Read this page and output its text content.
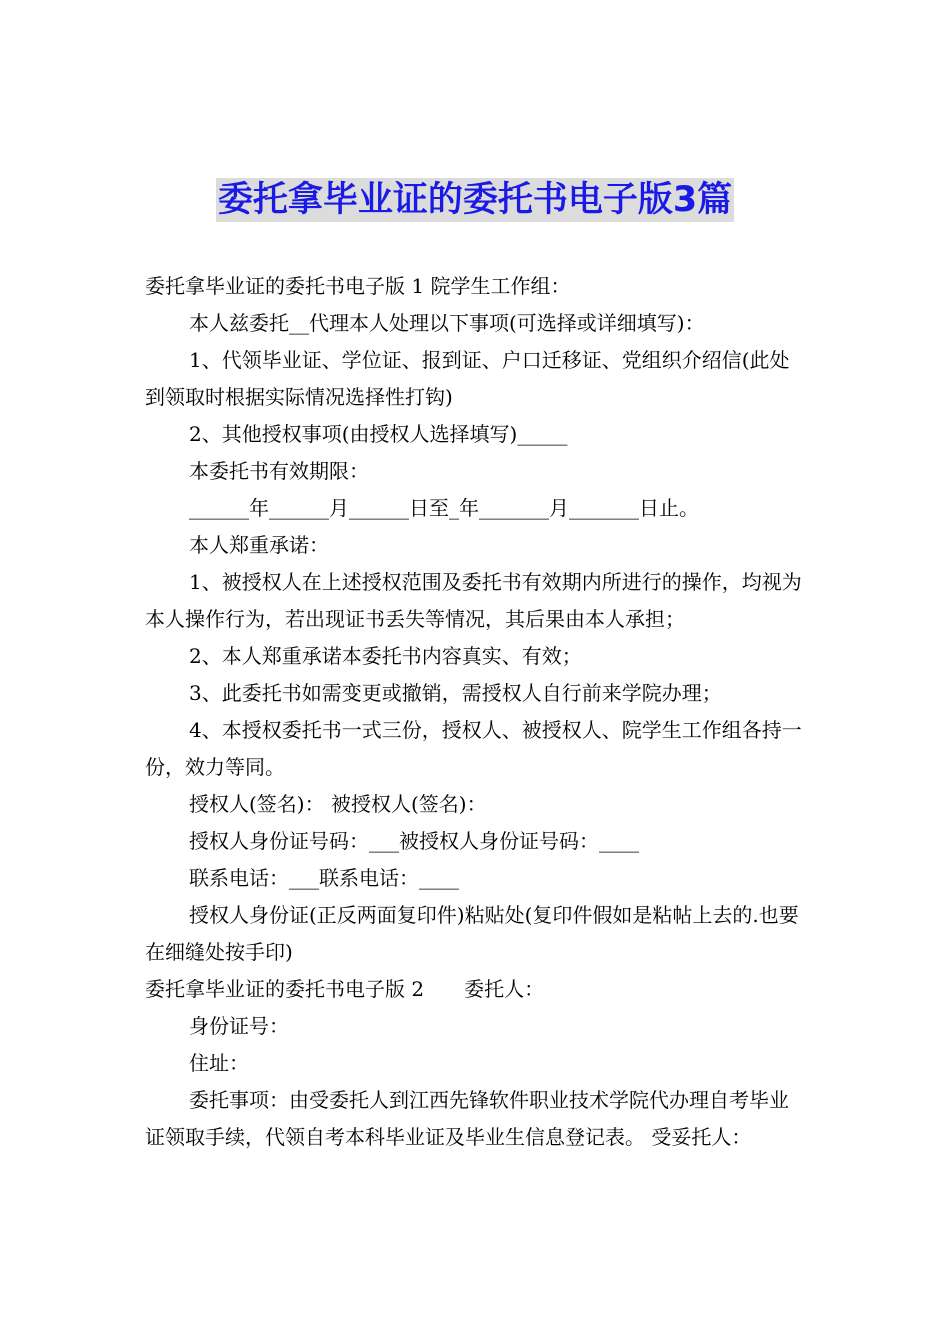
委托拿毕业证的委托书电子版3篇

委托拿毕业证的委托书电子版 1 院学生工作组：

本人兹委托__代理本人处理以下事项(可选择或详细填写)：

1、代领毕业证、学位证、报到证、户口迁移证、党组织介绍信(此处到领取时根据实际情况选择性打钩)

2、其他授权事项(由授权人选择填写)_____

本委托书有效期限：

______年______月______日至_年_______月_______日止。

本人郑重承诺：

1、被授权人在上述授权范围及委托书有效期内所进行的操作，均视为本人操作行为，若出现证书丢失等情况，其后果由本人承担；

2、本人郑重承诺本委托书内容真实、有效；

3、此委托书如需变更或撤销，需授权人自行前来学院办理；

4、本授权委托书一式三份，授权人、被授权人、院学生工作组各持一份，效力等同。

授权人(签名)： 被授权人(签名)：

授权人身份证号码：___被授权人身份证号码：____

联系电话：___联系电话：____

授权人身份证(正反两面复印件)粘贴处(复印件假如是粘帖上去的.也要在细缝处按手印)

委托拿毕业证的委托书电子版 2　　委托人：

身份证号：

住址：

委托事项：由受委托人到江西先锋软件职业技术学院代办理自考毕业证领取手续，代领自考本科毕业证及毕业生信息登记表。 受妥托人：
